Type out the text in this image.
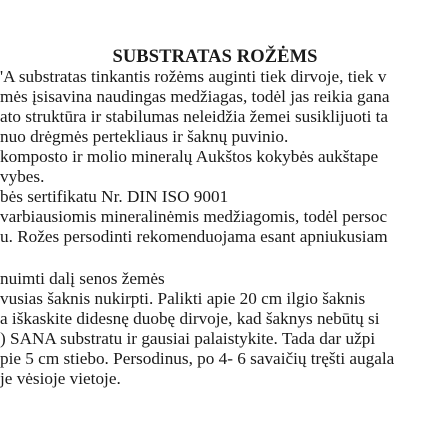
SUBSTRATAS ROŽĖMS
'A substratas tinkantis rožėms auginti tiek dirvoje, tiek v
mės įsisavina naudingas medžiagas, todėl jas reikia gana
ato struktūra ir stabilumas neleidžia žemei susiklijuoti ta
nuo drėgmės pertekliaus ir šaknų puvinio.
komposto ir molio mineralų Aukštos kokybės aukštape
vybes.
bės sertifikatu Nr. DIN ISO 9001
varbiausiomis mineralinėmis medžiagomis, todėl persoc
u. Rožes persodinti rekomenduojama esant apniukusiam
nuimti dalį senos žemės
vusias šaknis nukirpti. Palikti apie 20 cm ilgio šaknis
a iškaskite didesnę duobę dirvoje, kad šaknys nebūtų si
) SANA substratu ir gausiai palaistykite. Tada dar užpi
pie 5 cm stiebo. Persodinus, po 4- 6 savaičių tręšti augala
je vėsioje vietoje.
